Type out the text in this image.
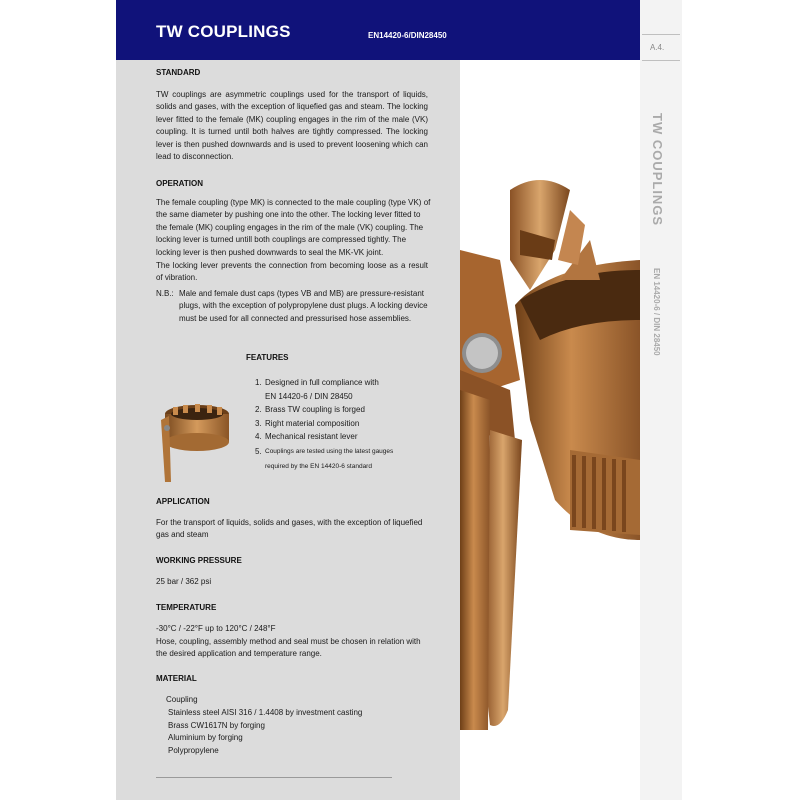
TW COUPLINGS	EN14420-6/DIN28450
A.4.
TW COUPLINGS
EN 14420-6 / DIN 28450
STANDARD
TW couplings are asymmetric couplings used for the transport of liquids, solids and gases, with the exception of liquefied gas and steam. The locking lever fitted to the female (MK) coupling engages in the rim of the male (VK) coupling. It is turned until both halves are tightly compressed. The locking lever is then pushed downwards and is used to prevent loosening which can lead to disconnection.
OPERATION
The female coupling (type MK) is connected to the male coupling (type VK) of the same diameter by pushing one into the other. The locking lever fitted to the female (MK) coupling engages in the rim of the male (VK) coupling. The locking lever is turned untill both couplings are compressed tightly. The locking lever is then pushed downwards to seal the MK-VK joint.
The locking lever prevents the connection from becoming loose as a result of vibration.
N.B.: Male and female dust caps (types VB and MB) are pressure-resistant plugs, with the exception of polypropylene dust plugs. A locking device must be used for all connected and pressurised hose assemblies.
FEATURES
1. Designed in full compliance with EN 14420-6 / DIN 28450
2. Brass TW coupling is forged
3. Right material composition
4. Mechanical resistant lever
5. Couplings are tested using the latest gauges required by the EN 14420-6 standard
APPLICATION
For the transport of liquids, solids and gases, with the exception of liquefied gas and steam
WORKING PRESSURE
25 bar / 362 psi
TEMPERATURE
-30°C / -22°F up to 120°C / 248°F
Hose, coupling, assembly method and seal must be chosen in relation with the desired application and temperature range.
MATERIAL
Coupling
Stainless steel AISI 316 / 1.4408 by investment casting
Brass CW1617N by forging
Aluminium by forging
Polypropylene
